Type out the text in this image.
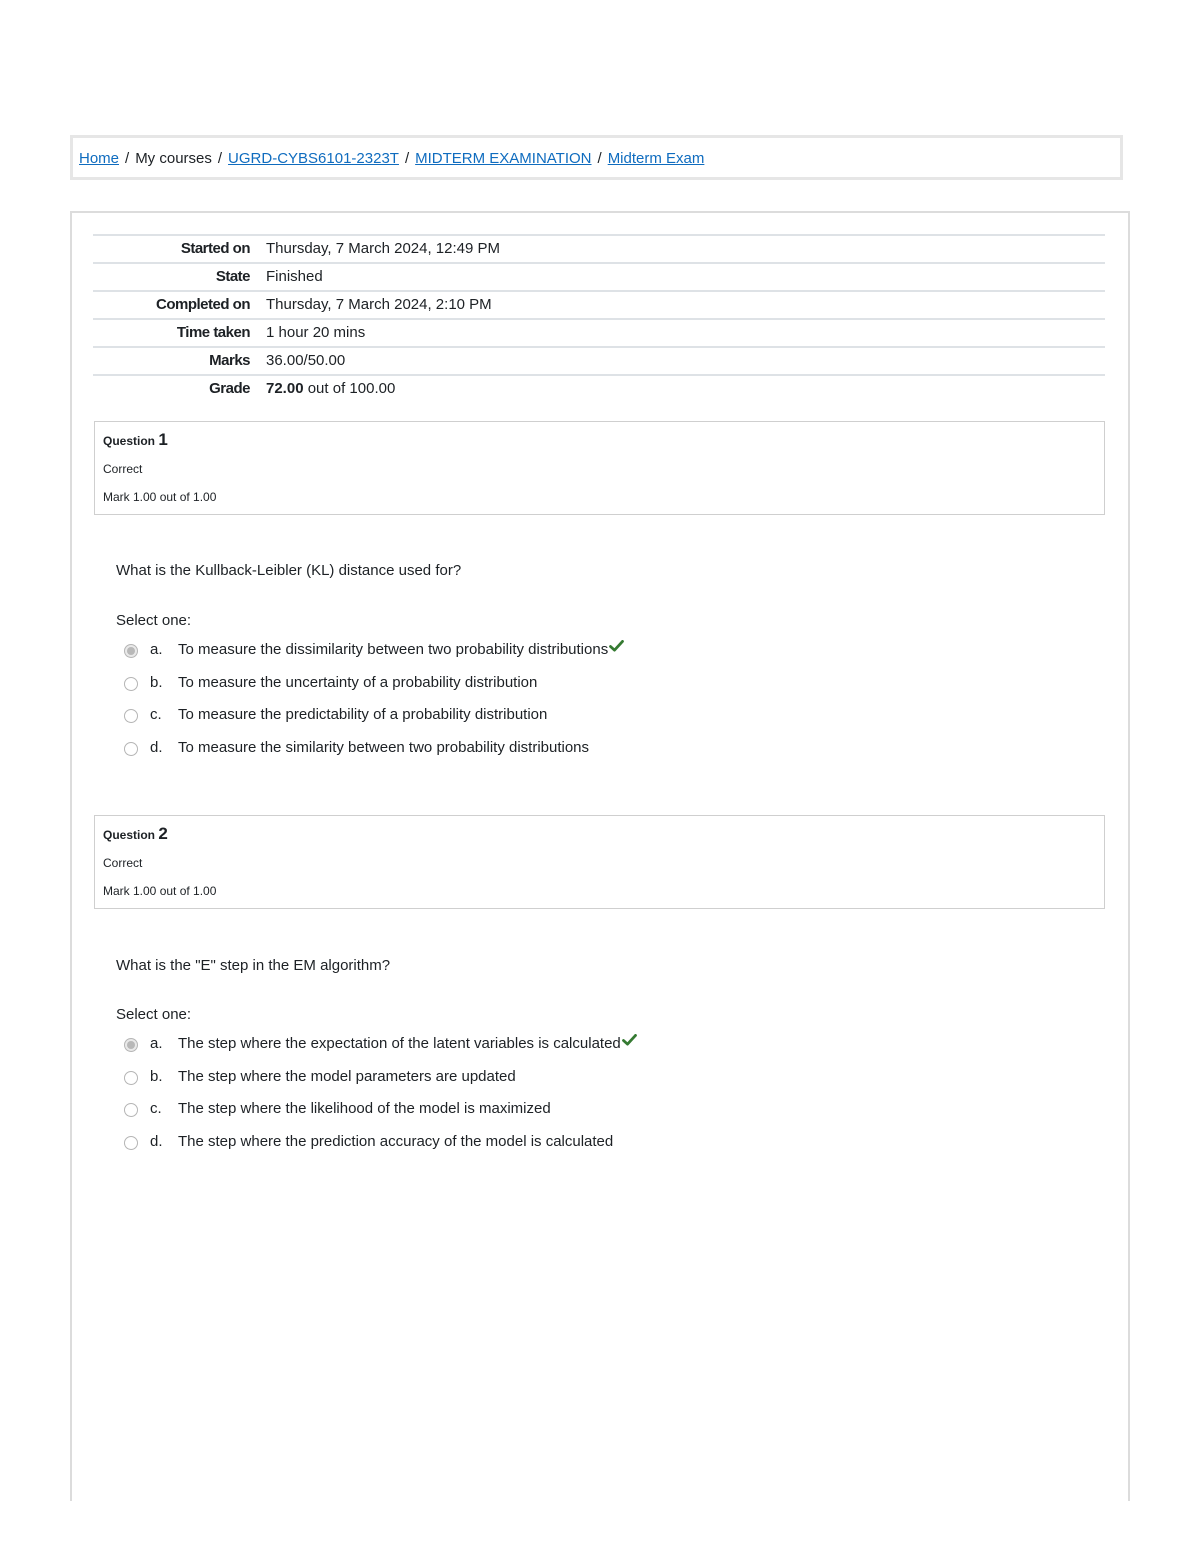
Home / My courses / UGRD-CYBS6101-2323T / MIDTERM EXAMINATION / Midterm Exam
Started on Thursday, 7 March 2024, 12:49 PM
State Finished
Completed on Thursday, 7 March 2024, 2:10 PM
Time taken 1 hour 20 mins
Marks 36.00/50.00
Grade 72.00 out of 100.00
Question 1
Correct
Mark 1.00 out of 1.00
What is the Kullback-Leibler (KL) distance used for?
Select one:
a. To measure the dissimilarity between two probability distributions
b. To measure the uncertainty of a probability distribution
c. To measure the predictability of a probability distribution
d. To measure the similarity between two probability distributions
Question 2
Correct
Mark 1.00 out of 1.00
What is the "E" step in the EM algorithm?
Select one:
a. The step where the expectation of the latent variables is calculated
b. The step where the model parameters are updated
c. The step where the likelihood of the model is maximized
d. The step where the prediction accuracy of the model is calculated
